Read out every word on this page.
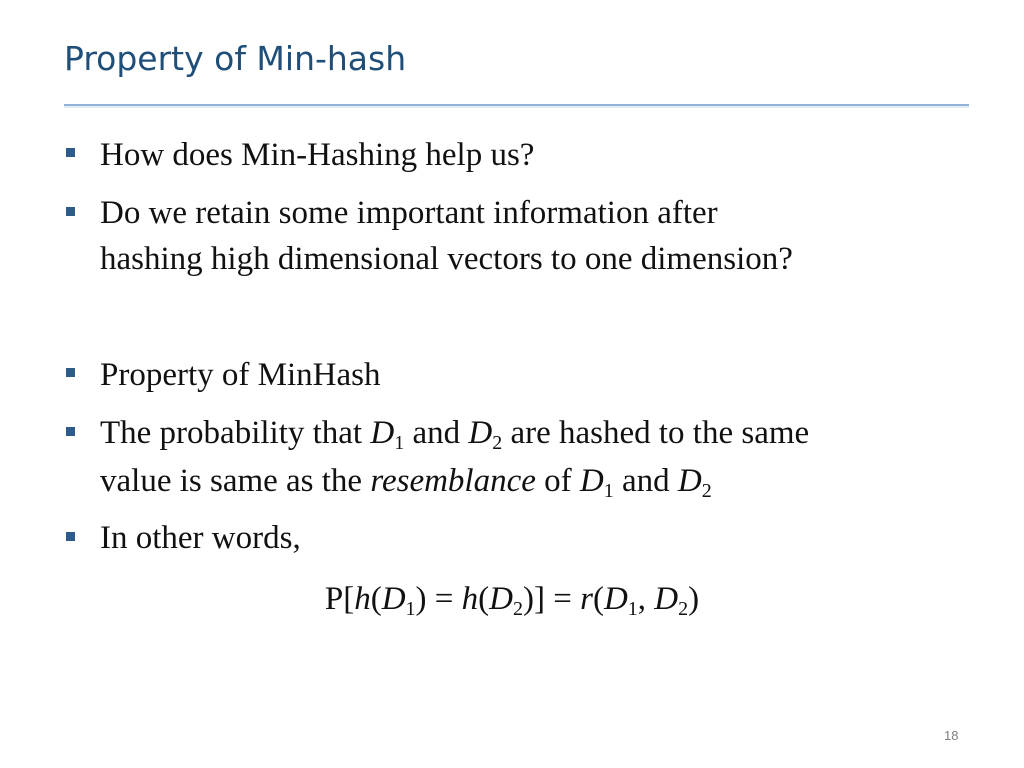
Property of Min-hash
How does Min-Hashing help us?
Do we retain some important information after
hashing high dimensional vectors to one dimension?
Property of MinHash
The probability that D1 and D2 are hashed to the same
value is same as the resemblance of D1 and D2
In other words,
P[h(D1) = h(D2)] = r(D1, D2)
18
